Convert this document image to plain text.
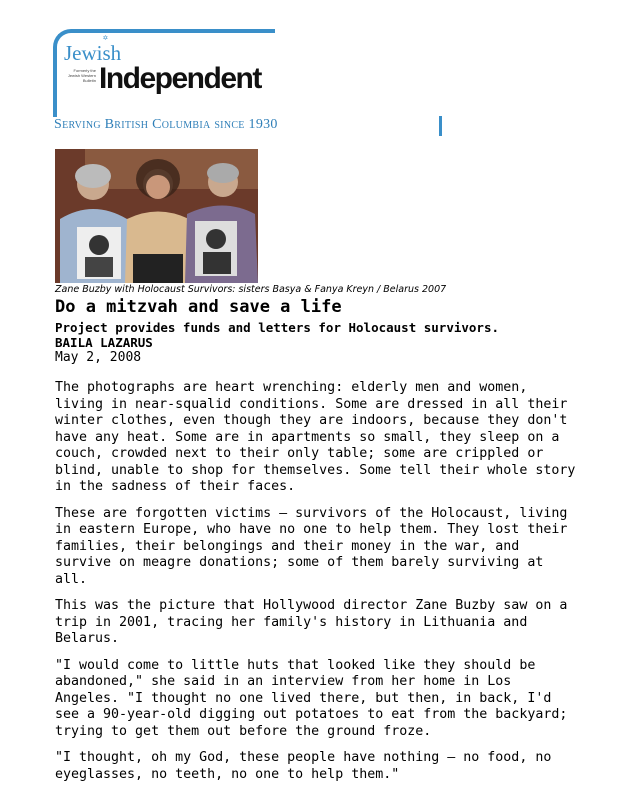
✡
Jewish
Formerly the Jewish Western Bulletin Independent
Serving British Columbia since 1930
Zane Buzby with Holocaust Survivors: sisters Basya & Fanya Kreyn / Belarus 2007
Do a mitzvah and save a life
Project provides funds and letters for Holocaust survivors.
BAILA LAZARUS
May 2, 2008

The photographs are heart wrenching: elderly men and women, living in near-squalid conditions. Some are dressed in all their winter clothes, even though they are indoors, because they don't have any heat. Some are in apartments so small, they sleep on a couch, crowded next to their only table; some are crippled or blind, unable to shop for themselves. Some tell their whole story in the sadness of their faces.

These are forgotten victims – survivors of the Holocaust, living in eastern Europe, who have no one to help them. They lost their families, their belongings and their money in the war, and survive on meagre donations; some of them barely surviving at all.

This was the picture that Hollywood director Zane Buzby saw on a trip in 2001, tracing her family's history in Lithuania and Belarus.

"I would come to little huts that looked like they should be abandoned," she said in an interview from her home in Los Angeles. "I thought no one lived there, but then, in back, I'd see a 90-year-old digging out potatoes to eat from the backyard; trying to get them out before the ground froze.

"I thought, oh my God, these people have nothing – no food, no eyeglasses, no teeth, no one to help them."
